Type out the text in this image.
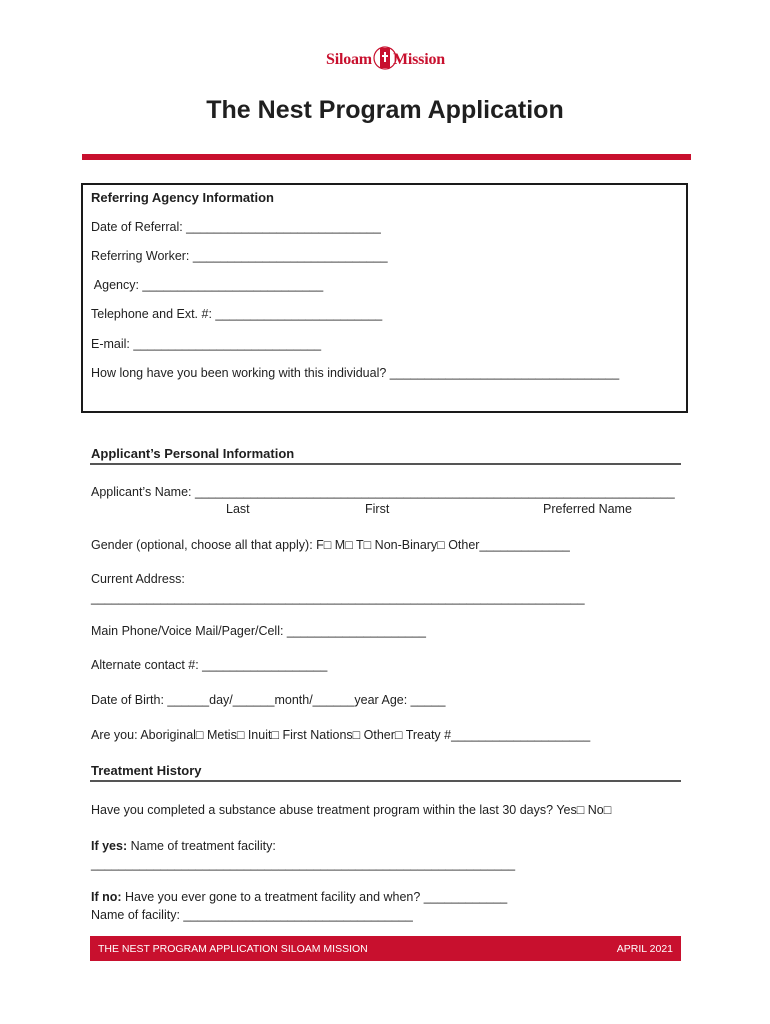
Siloam Mission
The Nest Program Application
Referring Agency Information
Date of Referral: ____________________________
Referring Worker: ____________________________
Agency: __________________________
Telephone and Ext. #: ________________________
E-mail: ___________________________
How long have you been working with this individual? _________________________________
Applicant’s Personal Information
Applicant’s Name: _____________________________________________________________________
Last	First	Preferred Name
Gender (optional, choose all that apply): F□ M□ T□ Non-Binary□ Other_____________
Current Address:
_______________________________________________________________________
Main Phone/Voice Mail/Pager/Cell: ____________________
Alternate contact #: __________________
Date of Birth: ______day/______month/______year Age: _____
Are you: Aboriginal□ Metis□ Inuit□ First Nations□ Other□ Treaty #____________________
Treatment History
Have you completed a substance abuse treatment program within the last 30 days? Yes□ No□
If yes: Name of treatment facility:
_____________________________________________________________
If no: Have you ever gone to a treatment facility and when? ____________
Name of facility: _________________________________
THE NEST PROGRAM APPLICATION SILOAM MISSION	APRIL 2021
